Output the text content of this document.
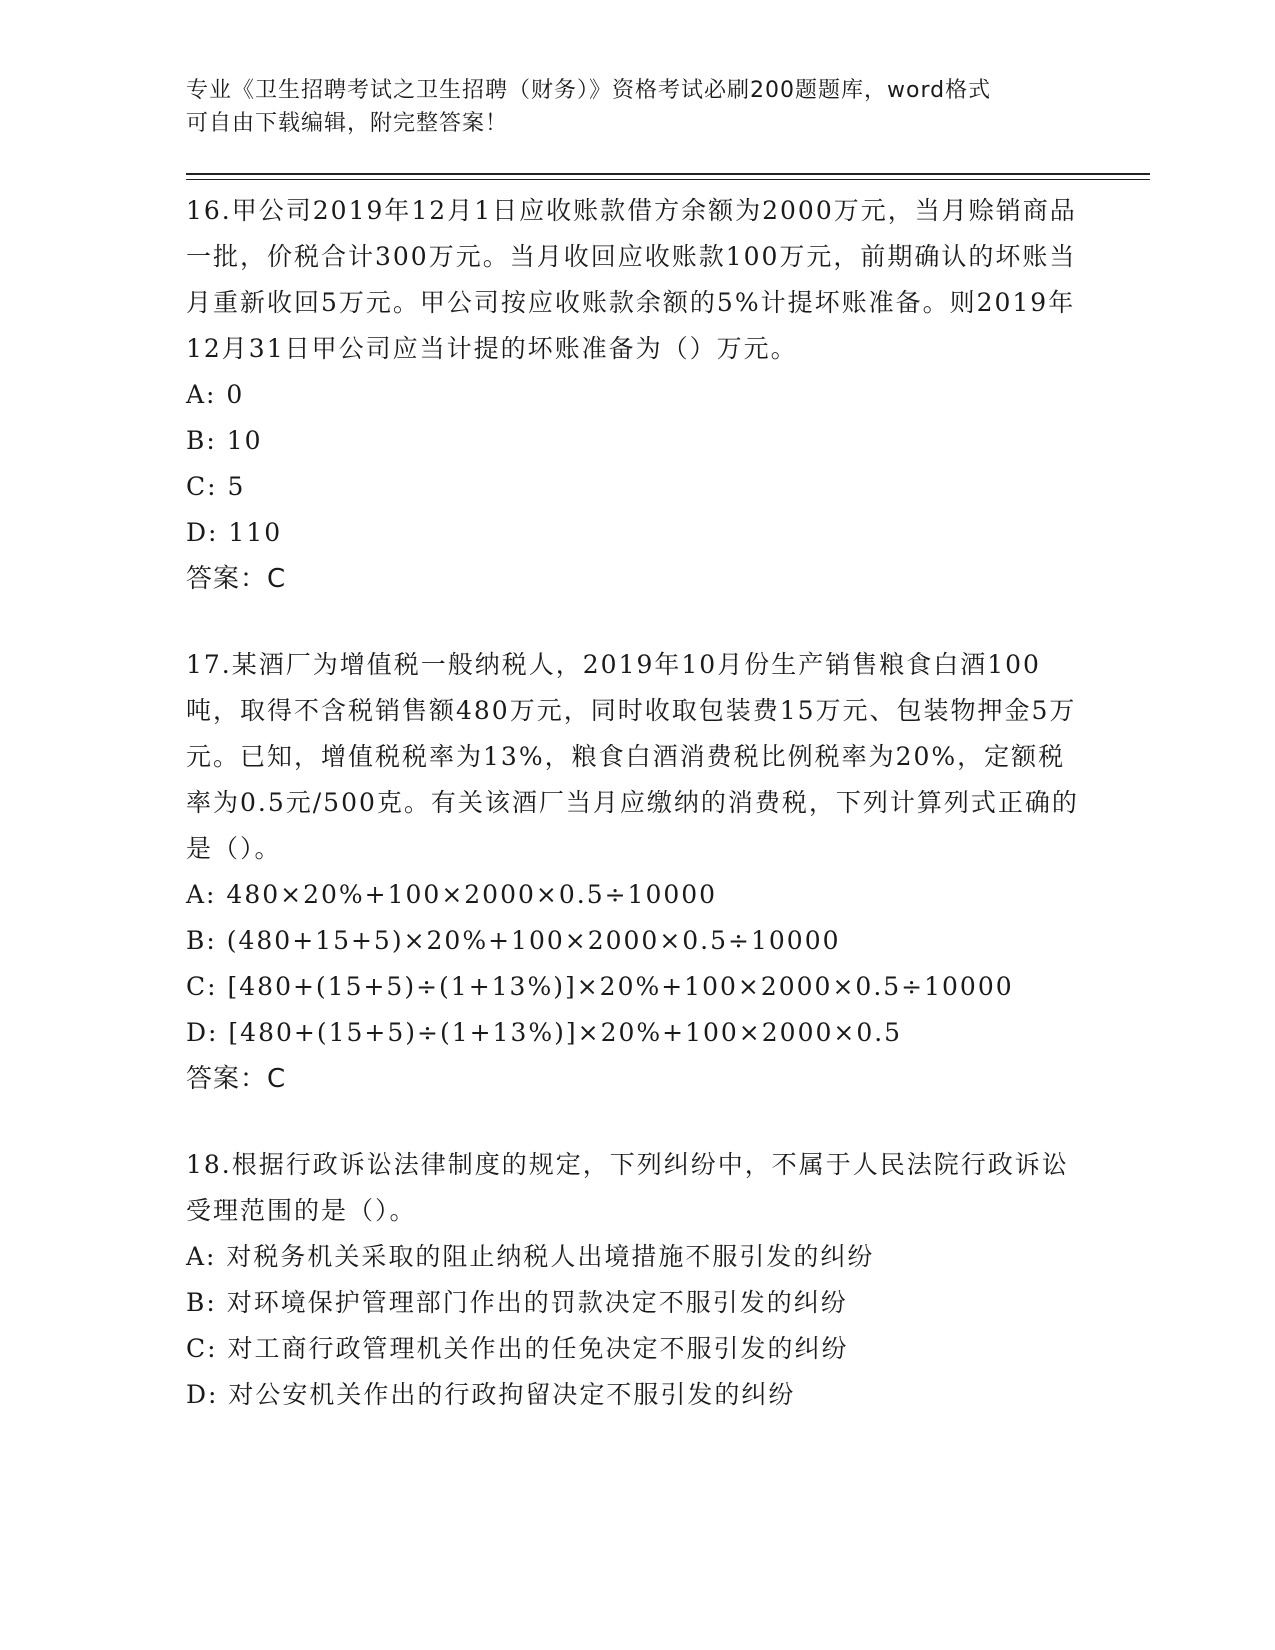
专业《卫生招聘考试之卫生招聘（财务）》资格考试必刷200题题库，word格式
可自由下载编辑，附完整答案！
16.甲公司2019年12月1日应收账款借方余额为2000万元，当月赊销商品一批，价税合计300万元。当月收回应收账款100万元，前期确认的坏账当月重新收回5万元。甲公司按应收账款余额的5%计提坏账准备。则2019年12月31日甲公司应当计提的坏账准备为（）万元。
A: 0
B: 10
C: 5
D: 110
答案：C
17.某酒厂为增值税一般纳税人，2019年10月份生产销售粮食白酒100吨，取得不含税销售额480万元，同时收取包装费15万元、包装物押金5万元。已知，增值税税率为13%，粮食白酒消费税比例税率为20%，定额税率为0.5元/500克。有关该酒厂当月应缴纳的消费税，下列计算列式正确的是（）。
A: 480×20%+100×2000×0.5÷10000
B: (480+15+5)×20%+100×2000×0.5÷10000
C: [480+(15+5)÷(1+13%)]×20%+100×2000×0.5÷10000
D: [480+(15+5)÷(1+13%)]×20%+100×2000×0.5
答案：C
18.根据行政诉讼法律制度的规定，下列纠纷中，不属于人民法院行政诉讼受理范围的是（）。
A: 对税务机关采取的阻止纳税人出境措施不服引发的纠纷
B: 对环境保护管理部门作出的罚款决定不服引发的纠纷
C: 对工商行政管理机关作出的任免决定不服引发的纠纷
D: 对公安机关作出的行政拘留决定不服引发的纠纷
